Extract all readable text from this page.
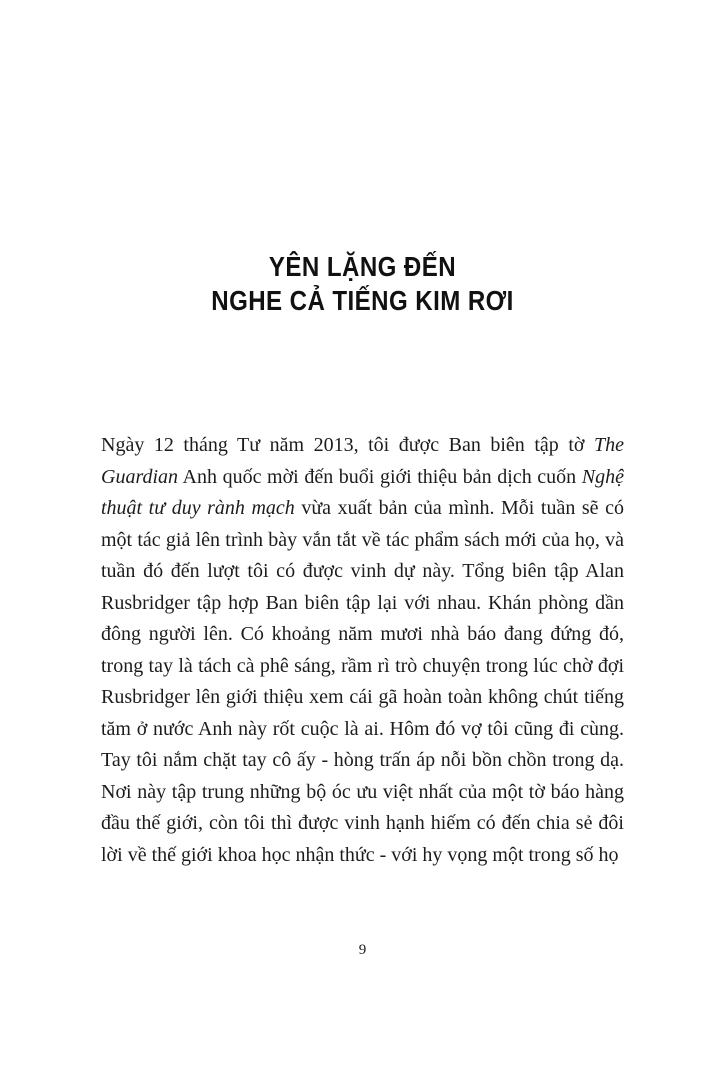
YÊN LẶNG ĐẾN
NGHE CẢ TIẾNG KIM RƠI

Ngày 12 tháng Tư năm 2013, tôi được Ban biên tập tờ The Guardian Anh quốc mời đến buổi giới thiệu bản dịch cuốn Nghệ thuật tư duy rành mạch vừa xuất bản của mình. Mỗi tuần sẽ có một tác giả lên trình bày vắn tắt về tác phẩm sách mới của họ, và tuần đó đến lượt tôi có được vinh dự này. Tổng biên tập Alan Rusbridger tập hợp Ban biên tập lại với nhau. Khán phòng dần đông người lên. Có khoảng năm mươi nhà báo đang đứng đó, trong tay là tách cà phê sáng, rầm rì trò chuyện trong lúc chờ đợi Rusbridger lên giới thiệu xem cái gã hoàn toàn không chút tiếng tăm ở nước Anh này rốt cuộc là ai. Hôm đó vợ tôi cũng đi cùng. Tay tôi nắm chặt tay cô ấy - hòng trấn áp nỗi bồn chồn trong dạ. Nơi này tập trung những bộ óc ưu việt nhất của một tờ báo hàng đầu thế giới, còn tôi thì được vinh hạnh hiếm có đến chia sẻ đôi lời về thế giới khoa học nhận thức - với hy vọng một trong số họ

9
